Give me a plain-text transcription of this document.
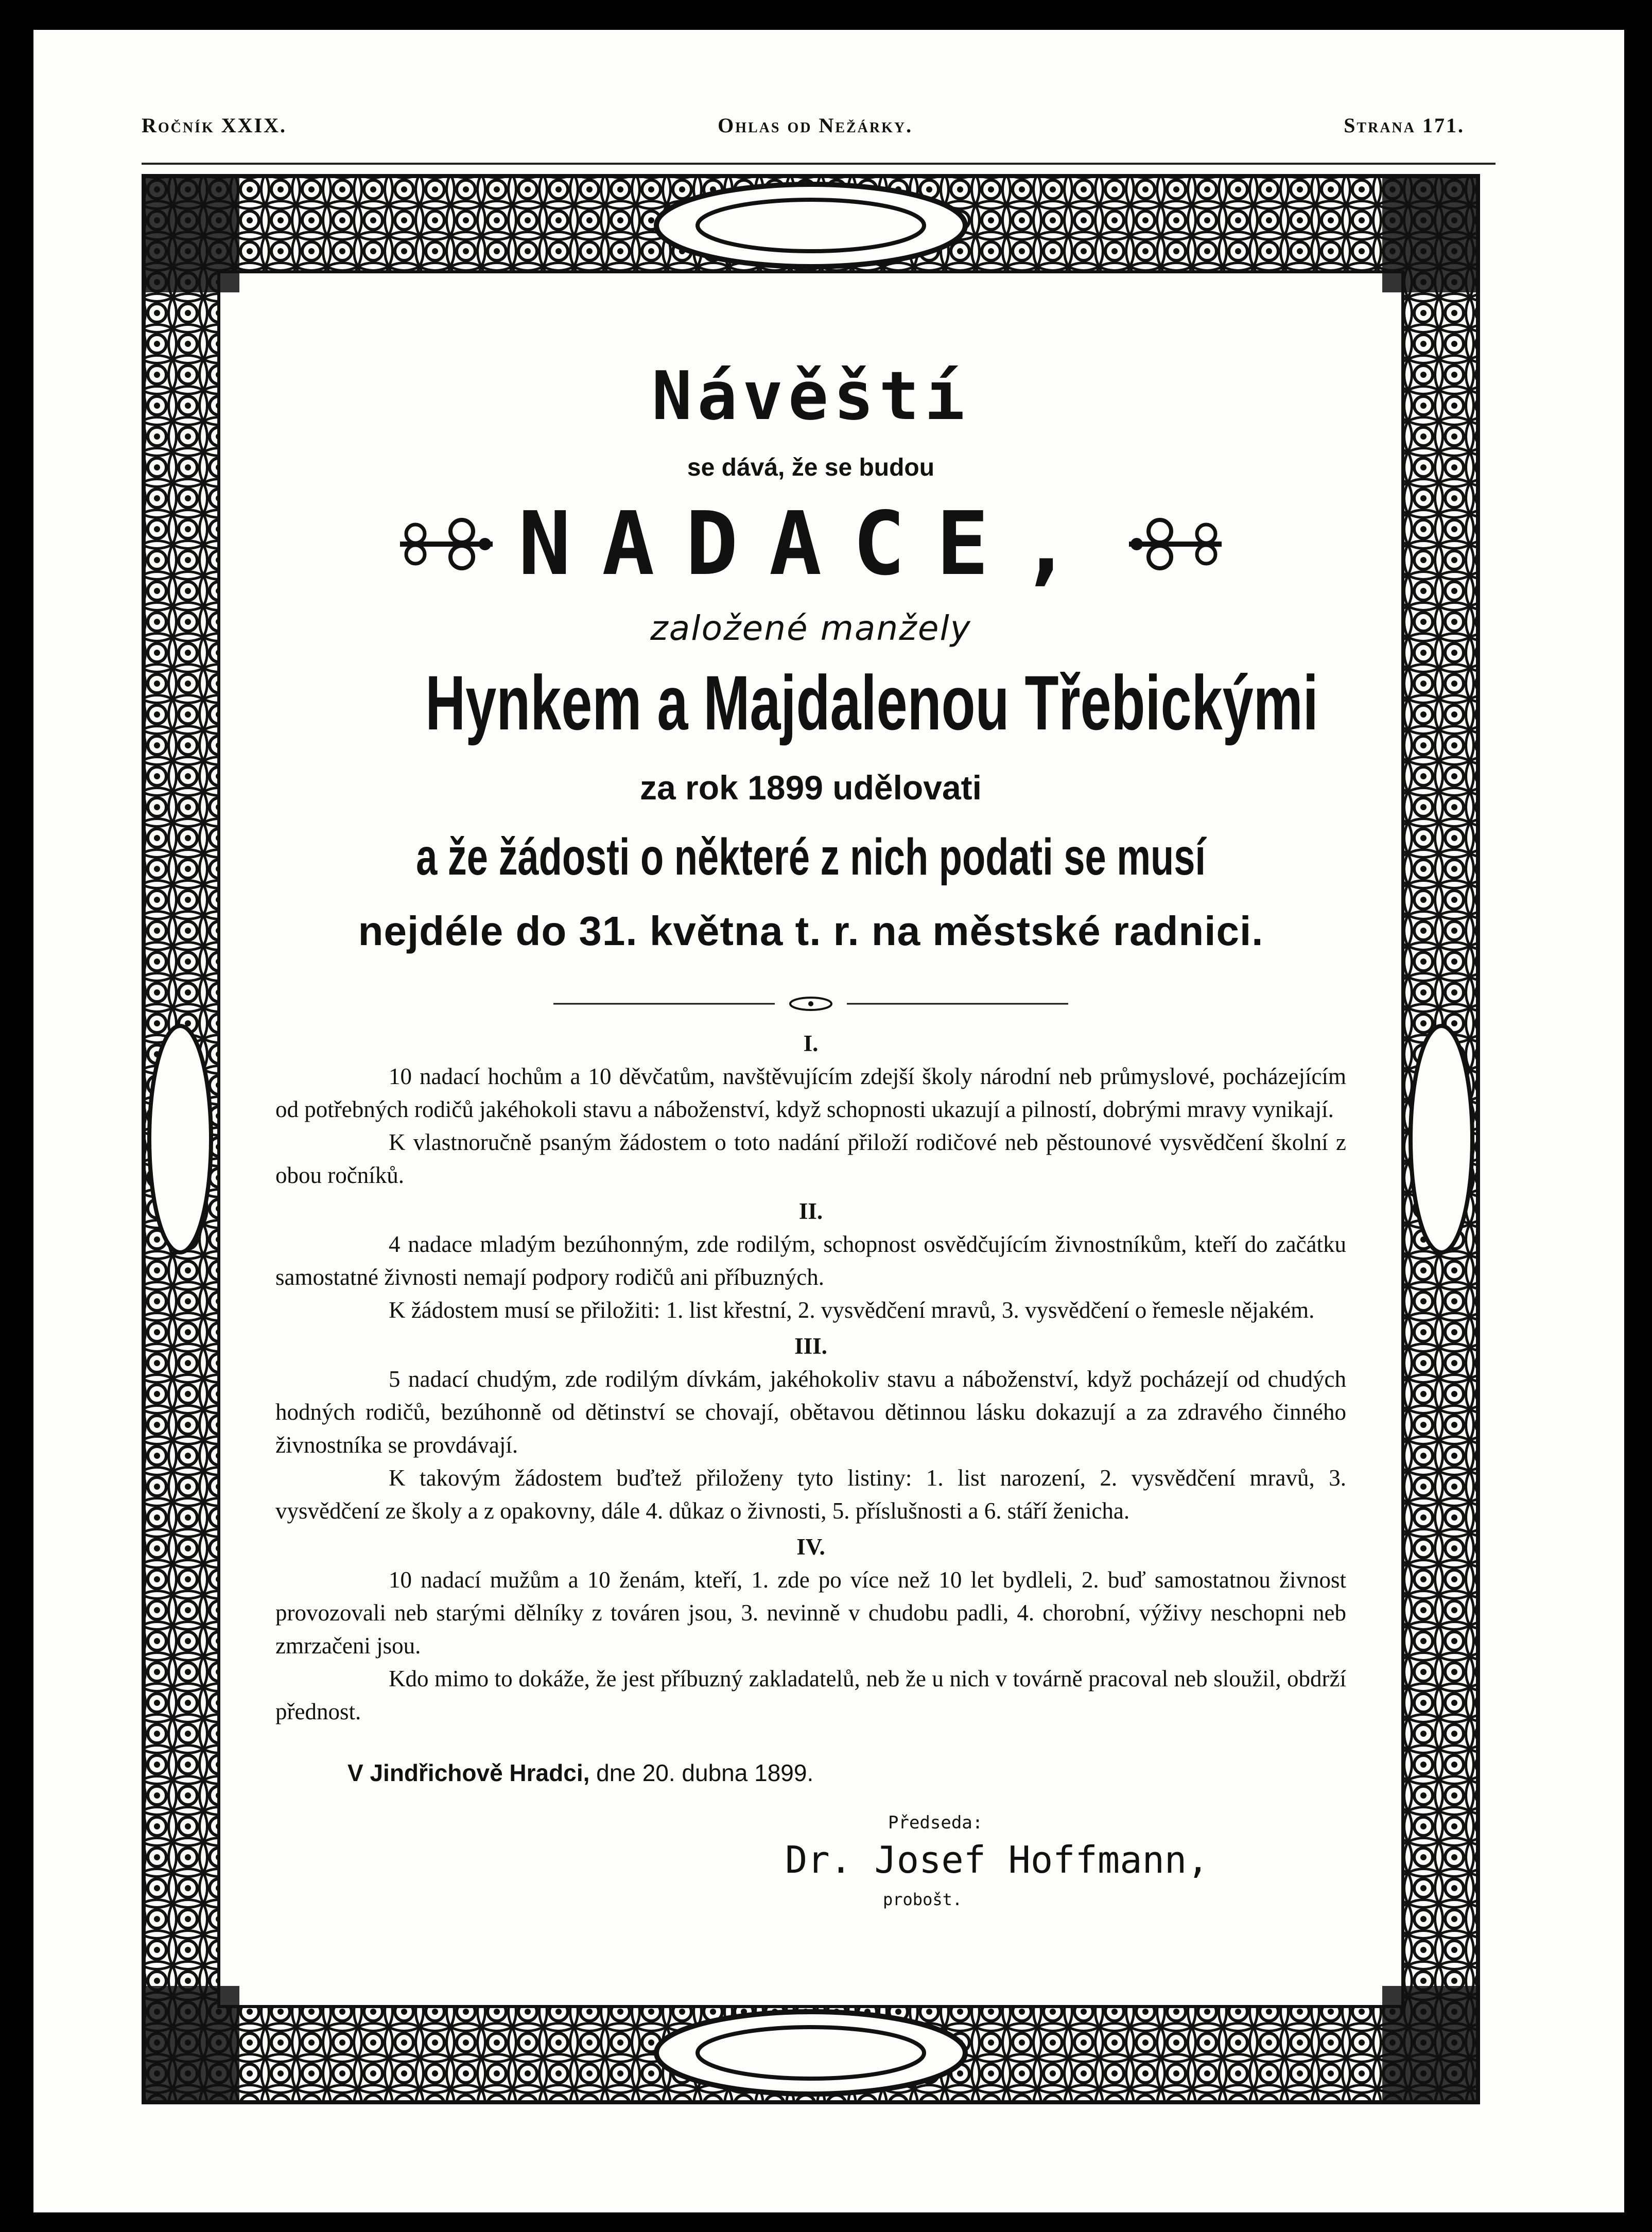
Ročník XXIX.	Ohlas od Nežárky.	Strana 171.
Návěští
se dává, že se budou
NADACE,
založené manžely
Hynkem a Majdalenou Třebickými
za rok 1899 udělovati
a že žádosti o některé z nich podati se musí
nejdéle do 31. května t. r. na městské radnici.
I.

10 nadací hochům a 10 děvčatům, navštěvujícím zdejší školy národní neb průmyslové, pocházejícím od potřebných rodičů jakéhokoli stavu a náboženství, když schopnosti ukazují a pilností, dobrými mravy vynikají.

K vlastnoručně psaným žádostem o toto nadání přiloží rodičové neb pěstounové vysvědčení školní z obou ročníků.

II.

4 nadace mladým bezúhonným, zde rodilým, schopnost osvědčujícím živnostníkům, kteří do začátku samostatné živnosti nemají podpory rodičů ani příbuzných.

K žádostem musí se přiložiti: 1. list křestní, 2. vysvědčení mravů, 3. vysvědčení o řemesle nějakém.

III.

5 nadací chudým, zde rodilým dívkám, jakéhokoliv stavu a náboženství, když pocházejí od chudých hodných rodičů, bezúhonně od dětinství se chovají, obětavou dětinnou lásku dokazují a za zdravého činného živnostníka se provdávají.

K takovým žádostem buďtež přiloženy tyto listiny: 1. list narození, 2. vysvědčení mravů, 3. vysvědčení ze školy a z opakovny, dále 4. důkaz o živnosti, 5. příslušnosti a 6. stáří ženicha.

IV.

10 nadací mužům a 10 ženám, kteří, 1. zde po více než 10 let bydleli, 2. buď samostatnou živnost provozovali neb starými dělníky z továren jsou, 3. nevinně v chudobu padli, 4. chorobní, výživy neschopni neb zmrzačeni jsou.

Kdo mimo to dokáže, že jest příbuzný zakladatelů, neb že u nich v továrně pracoval neb sloužil, obdrží přednost.

V Jindřichově Hradci, dne 20. dubna 1899.
Předseda:
Dr. Josef Hoffmann,
probošt.
